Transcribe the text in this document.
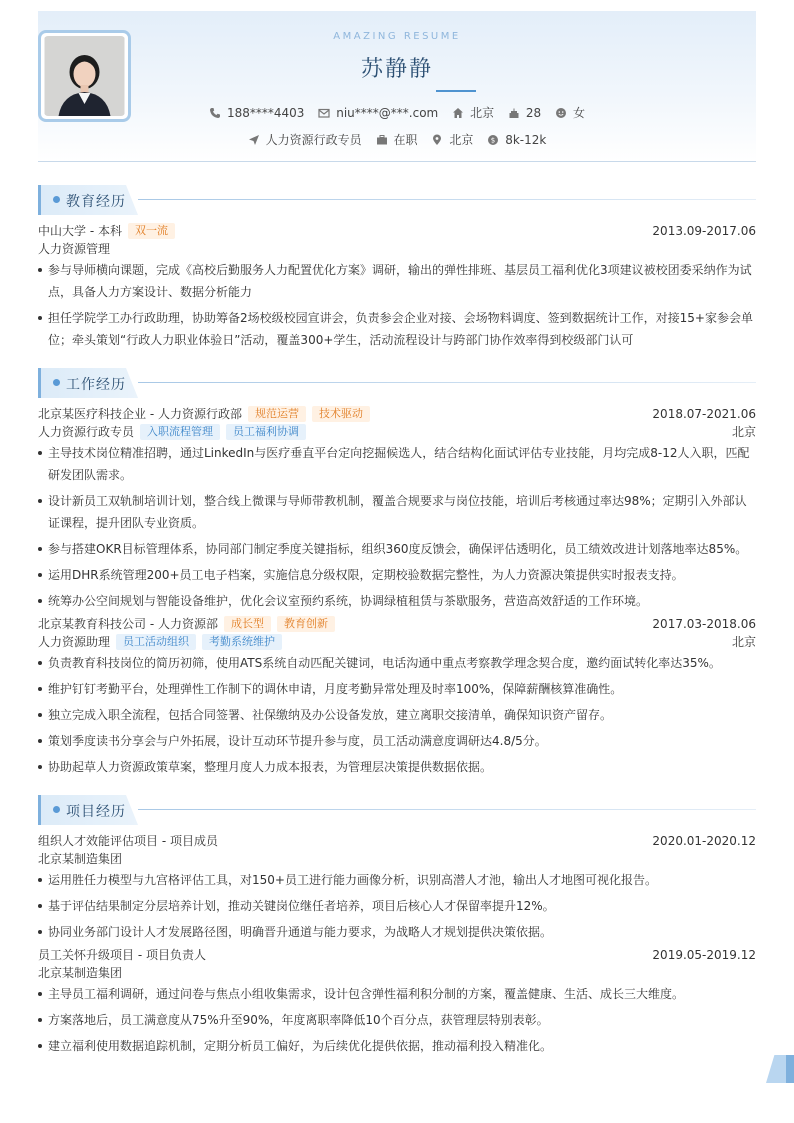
AMAZING RESUME
苏静静
188****4403
	niu****@***.com
	北京
	28
	女
人力资源行政专员
	在职
	北京
	$ 8k-12k
教育经历
中山大学 - 本科 双一流	2013.09-2017.06
人力资源管理
参与导师横向课题，完成《高校后勤服务人力配置优化方案》调研，输出的弹性排班、基层员工福利优化3项建议被校团委采纳作为试点，具备人力方案设计、数据分析能力
担任学院学工办行政助理，协助筹备2场校级校园宣讲会，负责参会企业对接、会场物料调度、签到数据统计工作，对接15+家参会单位；牵头策划“行政人力职业体验日”活动，覆盖300+学生，活动流程设计与跨部门协作效率得到校级部门认可
工作经历
北京某医疗科技企业 - 人力资源行政部 规范运营 技术驱动	2018.07-2021.06
人力资源行政专员 入职流程管理 员工福利协调	北京
主导技术岗位精准招聘，通过LinkedIn与医疗垂直平台定向挖掘候选人，结合结构化面试评估专业技能，月均完成8-12人入职，匹配研发团队需求。
设计新员工双轨制培训计划，整合线上微课与导师带教机制，覆盖合规要求与岗位技能，培训后考核通过率达98%；定期引入外部认证课程，提升团队专业资质。
参与搭建OKR目标管理体系，协同部门制定季度关键指标，组织360度反馈会，确保评估透明化，员工绩效改进计划落地率达85%。
运用DHR系统管理200+员工电子档案，实施信息分级权限，定期校验数据完整性，为人力资源决策提供实时报表支持。
统筹办公空间规划与智能设备维护，优化会议室预约系统，协调绿植租赁与茶歇服务，营造高效舒适的工作环境。
北京某教育科技公司 - 人力资源部 成长型 教育创新	2017.03-2018.06
人力资源助理 员工活动组织 考勤系统维护	北京
负责教育科技岗位的简历初筛，使用ATS系统自动匹配关键词，电话沟通中重点考察教学理念契合度，邀约面试转化率达35%。
维护钉钉考勤平台，处理弹性工作制下的调休申请，月度考勤异常处理及时率100%，保障薪酬核算准确性。
独立完成入职全流程，包括合同签署、社保缴纳及办公设备发放，建立离职交接清单，确保知识资产留存。
策划季度读书分享会与户外拓展，设计互动环节提升参与度，员工活动满意度调研达4.8/5分。
协助起草人力资源政策草案，整理月度人力成本报表，为管理层决策提供数据依据。
项目经历
组织人才效能评估项目 - 项目成员	2020.01-2020.12
北京某制造集团
运用胜任力模型与九宫格评估工具，对150+员工进行能力画像分析，识别高潜人才池，输出人才地图可视化报告。
基于评估结果制定分层培养计划，推动关键岗位继任者培养，项目后核心人才保留率提升12%。
协同业务部门设计人才发展路径图，明确晋升通道与能力要求，为战略人才规划提供决策依据。
员工关怀升级项目 - 项目负责人	2019.05-2019.12
北京某制造集团
主导员工福利调研，通过问卷与焦点小组收集需求，设计包含弹性福利积分制的方案，覆盖健康、生活、成长三大维度。
方案落地后，员工满意度从75%升至90%，年度离职率降低10个百分点，获管理层特别表彰。
建立福利使用数据追踪机制，定期分析员工偏好，为后续优化提供依据，推动福利投入精准化。
